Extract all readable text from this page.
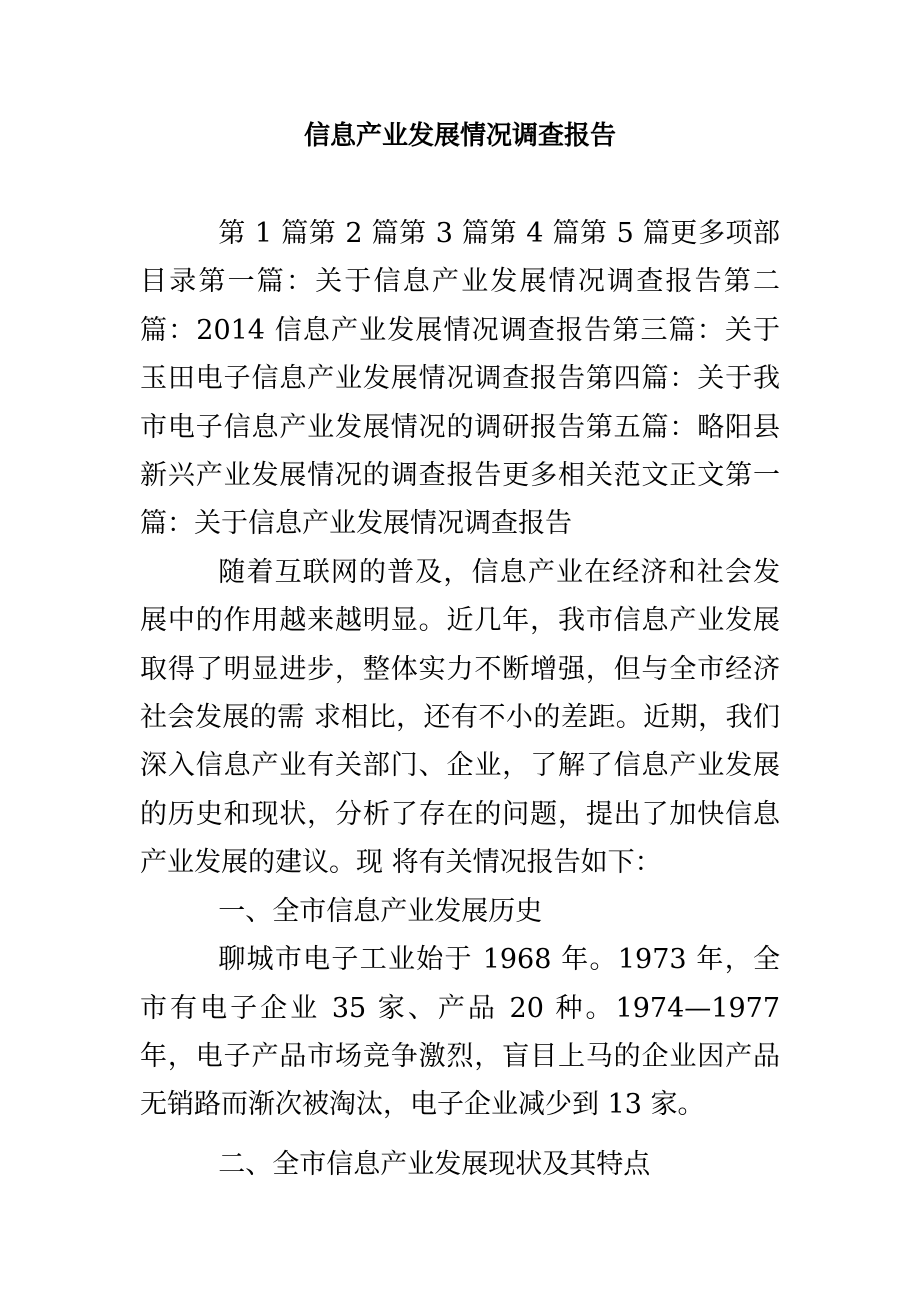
信息产业发展情况调查报告

第 1 篇第 2 篇第 3 篇第 4 篇第 5 篇更多项部目录第一篇：关于信息产业发展情况调查报告第二篇：2014 信息产业发展情况调查报告第三篇：关于玉田电子信息产业发展情况调查报告第四篇：关于我市电子信息产业发展情况的调研报告第五篇：略阳县新兴产业发展情况的调查报告更多相关范文正文第一篇：关于信息产业发展情况调查报告

随着互联网的普及，信息产业在经济和社会发展中的作用越来越明显。近几年，我市信息产业发展取得了明显进步，整体实力不断增强，但与全市经济社会发展的需 求相比，还有不小的差距。近期，我们深入信息产业有关部门、企业，了解了信息产业发展的历史和现状，分析了存在的问题，提出了加快信息产业发展的建议。现 将有关情况报告如下：

一、全市信息产业发展历史

聊城市电子工业始于 1968 年。1973 年，全市有电子企业 35 家、产品 20 种。1974—1977 年，电子产品市场竞争激烈，盲目上马的企业因产品无销路而渐次被淘汰，电子企业减少到 13 家。

二、全市信息产业发展现状及其特点
